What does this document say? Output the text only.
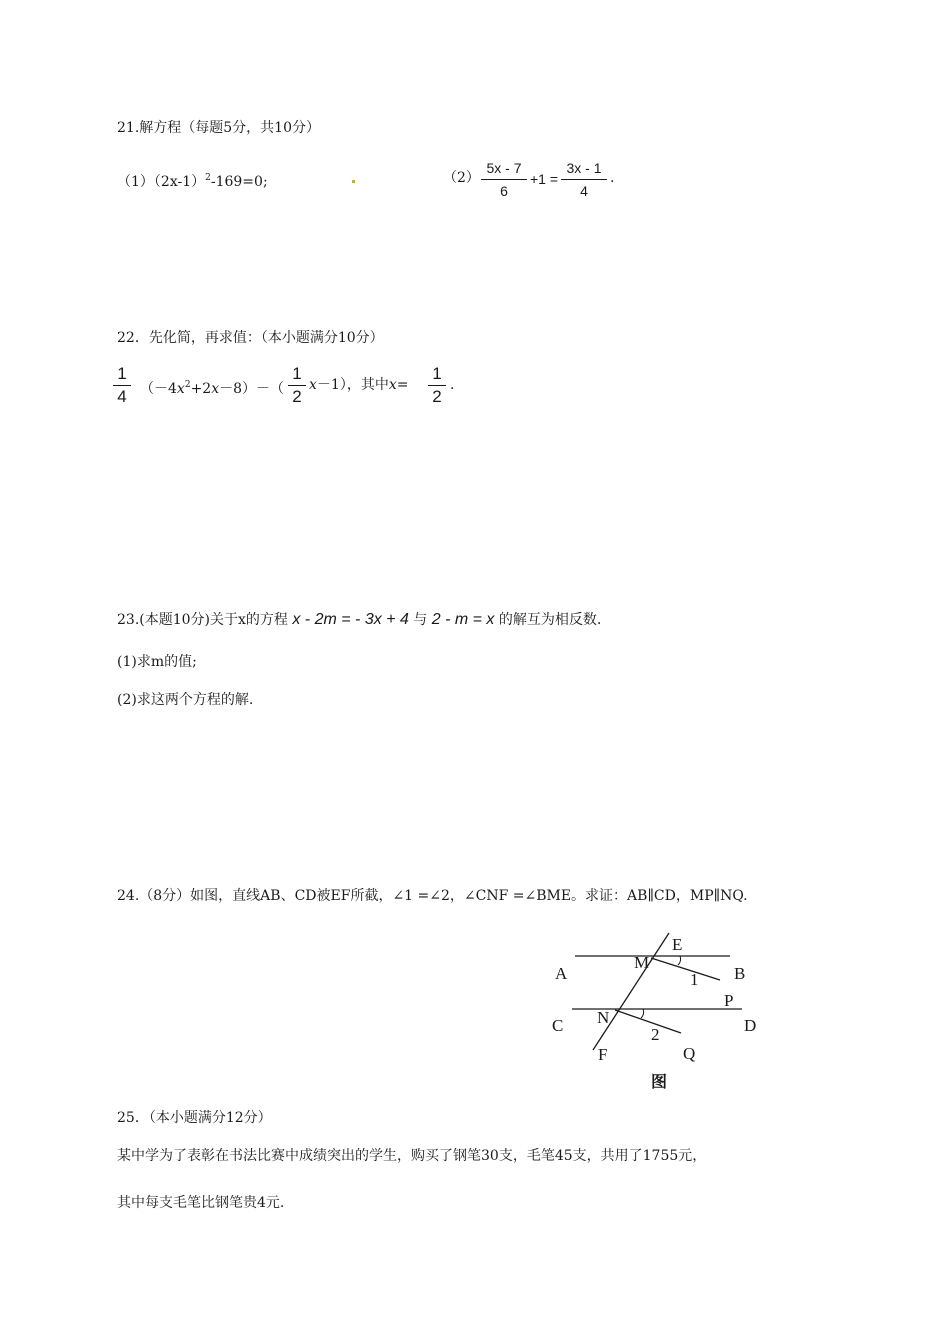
21.解方程（每题5分，共10分）
$(1)(2x-1)^2-169=0$;	（2）
5x - 7
6
+1 =
3x - 1
4
.
22．先化简，再求值：（本小题满分10分）
1
4 $(-4x^2+2x-8)-$（
1
2
x－1），其中x=
1
2
.
23.(本题10分)关于x的方程 x - 2m = - 3x + 4 与 2 - m = x 的解互为相反数.
(1)求m的值;
(2)求这两个方程的解.
24.（8分）如图，直线AB、CD被EF所截，∠1 =∠2，∠CNF =∠BME。求证：AB∥CD，MP∥NQ.
A	B
C	D
E
F
M
N
P
Q
1
2
图
25．（本小题满分12分）
某中学为了表彰在书法比赛中成绩突出的学生，购买了钢笔30支，毛笔45支，共用了1755元，
其中每支毛笔比钢笔贵4元.
